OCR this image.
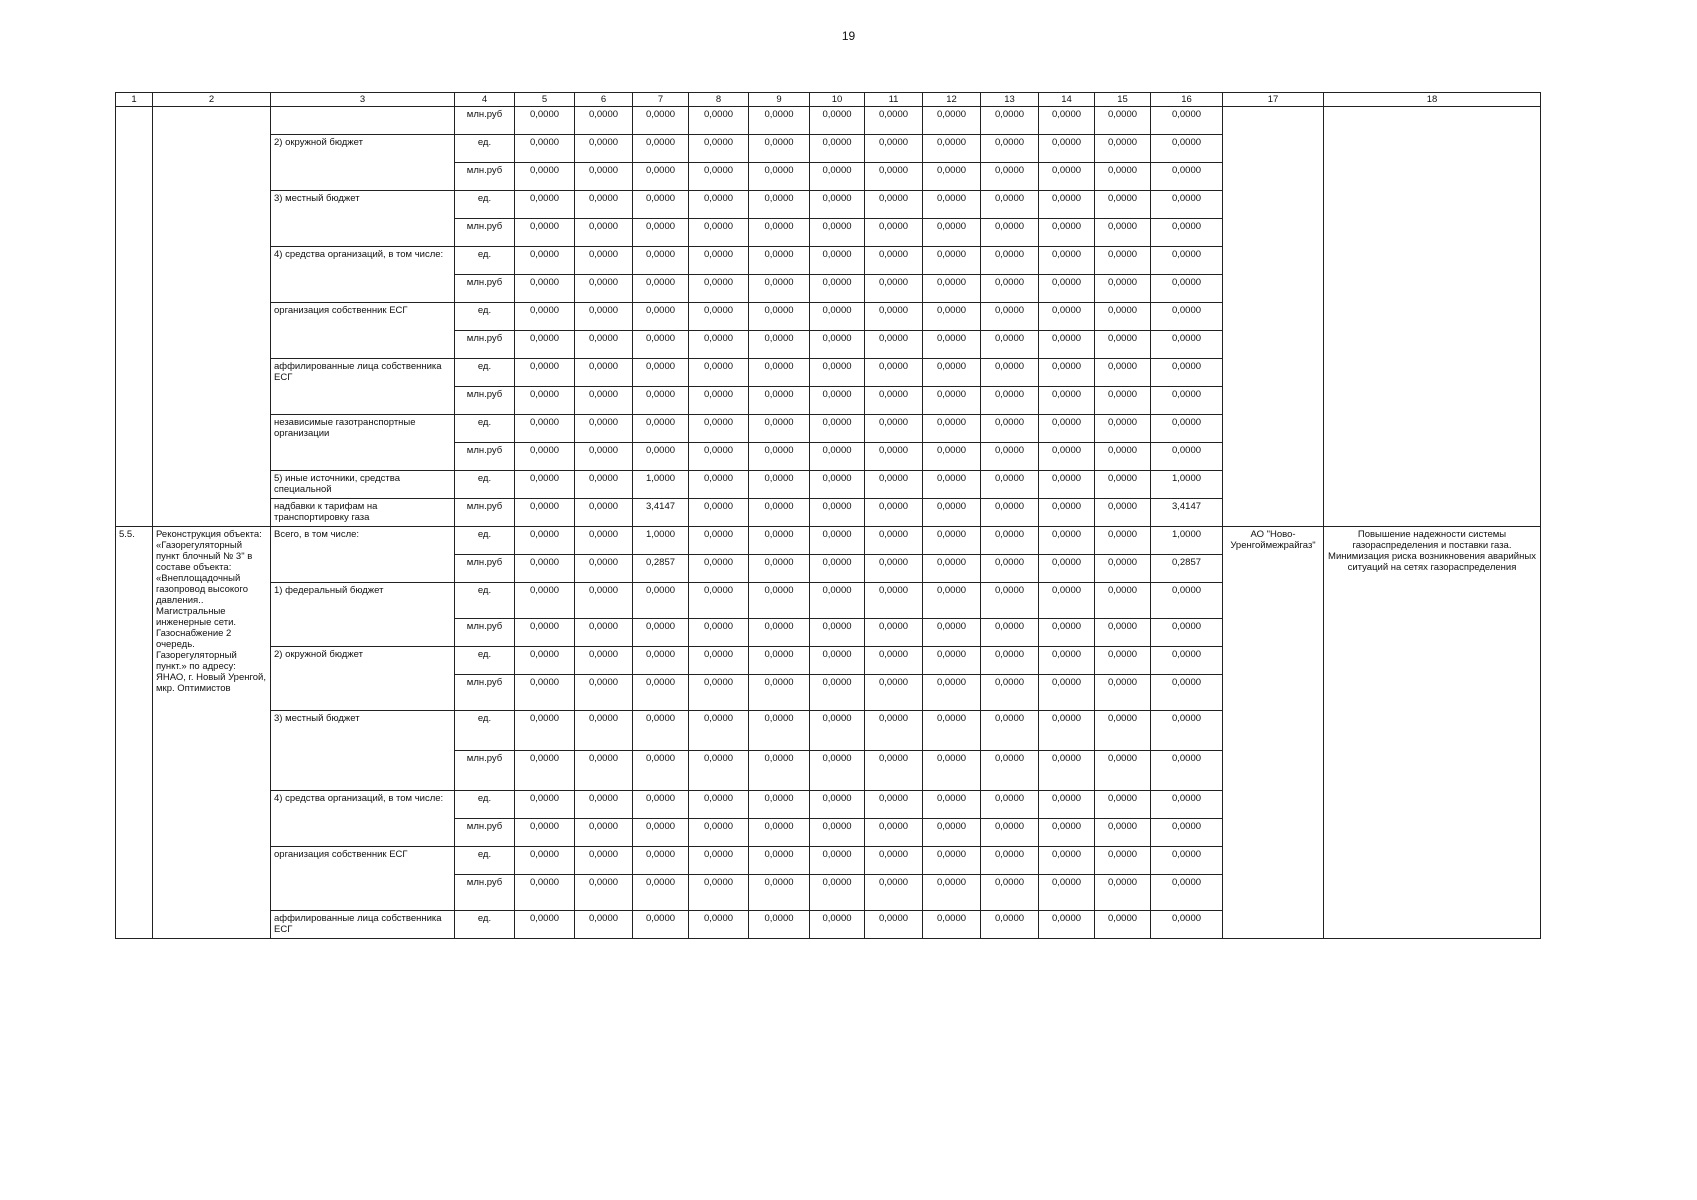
19
1	2	3	4	5	6	7	8	9	10	11	12	13	14	15	16	17	18
			млн.руб	0,0000	0,0000	0,0000	0,0000	0,0000	0,0000	0,0000	0,0000	0,0000	0,0000	0,0000	0,0000		
		2) окружной бюджет	ед.	0,0000	0,0000	0,0000	0,0000	0,0000	0,0000	0,0000	0,0000	0,0000	0,0000	0,0000	0,0000		
			млн.руб	0,0000	0,0000	0,0000	0,0000	0,0000	0,0000	0,0000	0,0000	0,0000	0,0000	0,0000	0,0000		
		3) местный бюджет	ед.	0,0000	0,0000	0,0000	0,0000	0,0000	0,0000	0,0000	0,0000	0,0000	0,0000	0,0000	0,0000		
			млн.руб	0,0000	0,0000	0,0000	0,0000	0,0000	0,0000	0,0000	0,0000	0,0000	0,0000	0,0000	0,0000		
		4) средства организаций, в том числе:	ед.	0,0000	0,0000	0,0000	0,0000	0,0000	0,0000	0,0000	0,0000	0,0000	0,0000	0,0000	0,0000		
			млн.руб	0,0000	0,0000	0,0000	0,0000	0,0000	0,0000	0,0000	0,0000	0,0000	0,0000	0,0000	0,0000		
		организация собственник ЕСГ	ед.	0,0000	0,0000	0,0000	0,0000	0,0000	0,0000	0,0000	0,0000	0,0000	0,0000	0,0000	0,0000		
			млн.руб	0,0000	0,0000	0,0000	0,0000	0,0000	0,0000	0,0000	0,0000	0,0000	0,0000	0,0000	0,0000		
		аффилированные лица собственника ЕСГ	ед.	0,0000	0,0000	0,0000	0,0000	0,0000	0,0000	0,0000	0,0000	0,0000	0,0000	0,0000	0,0000		
			млн.руб	0,0000	0,0000	0,0000	0,0000	0,0000	0,0000	0,0000	0,0000	0,0000	0,0000	0,0000	0,0000		
		независимые газотранспортные организации	ед.	0,0000	0,0000	0,0000	0,0000	0,0000	0,0000	0,0000	0,0000	0,0000	0,0000	0,0000	0,0000		
			млн.руб	0,0000	0,0000	0,0000	0,0000	0,0000	0,0000	0,0000	0,0000	0,0000	0,0000	0,0000	0,0000		
		5) иные источники, средства специальной	ед.	0,0000	0,0000	1,0000	0,0000	0,0000	0,0000	0,0000	0,0000	0,0000	0,0000	0,0000	1,0000		
		надбавки к тарифам на транспортировку газа	млн.руб	0,0000	0,0000	3,4147	0,0000	0,0000	0,0000	0,0000	0,0000	0,0000	0,0000	0,0000	3,4147		
5.5.	Реконструкция объекта: «Газорегуляторный пункт блочный № 3" в составе объекта: «Внеплощадочный газопровод высокого давления.. Магистральные инженерные сети. Газоснабжение 2 очередь. Газорегуляторный пункт.» по адресу: ЯНАО, г. Новый Уренгой, мкр. Оптимистов	Всего, в том числе:	ед.	0,0000	0,0000	1,0000	0,0000	0,0000	0,0000	0,0000	0,0000	0,0000	0,0000	0,0000	1,0000	АО "Ново-Уренгоймежрайгаз"	Повышение надежности системы газораспределения и поставки газа. Минимизация риска возникновения аварийных ситуаций на сетях газораспределения
			млн.руб	0,0000	0,0000	0,2857	0,0000	0,0000	0,0000	0,0000	0,0000	0,0000	0,0000	0,0000	0,2857		
		1) федеральный бюджет	ед.	0,0000	0,0000	0,0000	0,0000	0,0000	0,0000	0,0000	0,0000	0,0000	0,0000	0,0000	0,0000		
			млн.руб	0,0000	0,0000	0,0000	0,0000	0,0000	0,0000	0,0000	0,0000	0,0000	0,0000	0,0000	0,0000		
		2) окружной бюджет	ед.	0,0000	0,0000	0,0000	0,0000	0,0000	0,0000	0,0000	0,0000	0,0000	0,0000	0,0000	0,0000		
			млн.руб	0,0000	0,0000	0,0000	0,0000	0,0000	0,0000	0,0000	0,0000	0,0000	0,0000	0,0000	0,0000		
		3) местный бюджет	ед.	0,0000	0,0000	0,0000	0,0000	0,0000	0,0000	0,0000	0,0000	0,0000	0,0000	0,0000	0,0000		
			млн.руб	0,0000	0,0000	0,0000	0,0000	0,0000	0,0000	0,0000	0,0000	0,0000	0,0000	0,0000	0,0000		
		4) средства организаций, в том числе:	ед.	0,0000	0,0000	0,0000	0,0000	0,0000	0,0000	0,0000	0,0000	0,0000	0,0000	0,0000	0,0000		
			млн.руб	0,0000	0,0000	0,0000	0,0000	0,0000	0,0000	0,0000	0,0000	0,0000	0,0000	0,0000	0,0000		
		организация собственник ЕСГ	ед.	0,0000	0,0000	0,0000	0,0000	0,0000	0,0000	0,0000	0,0000	0,0000	0,0000	0,0000	0,0000		
			млн.руб	0,0000	0,0000	0,0000	0,0000	0,0000	0,0000	0,0000	0,0000	0,0000	0,0000	0,0000	0,0000		
		аффилированные лица собственника ЕСГ	ед.	0,0000	0,0000	0,0000	0,0000	0,0000	0,0000	0,0000	0,0000	0,0000	0,0000	0,0000	0,0000		
